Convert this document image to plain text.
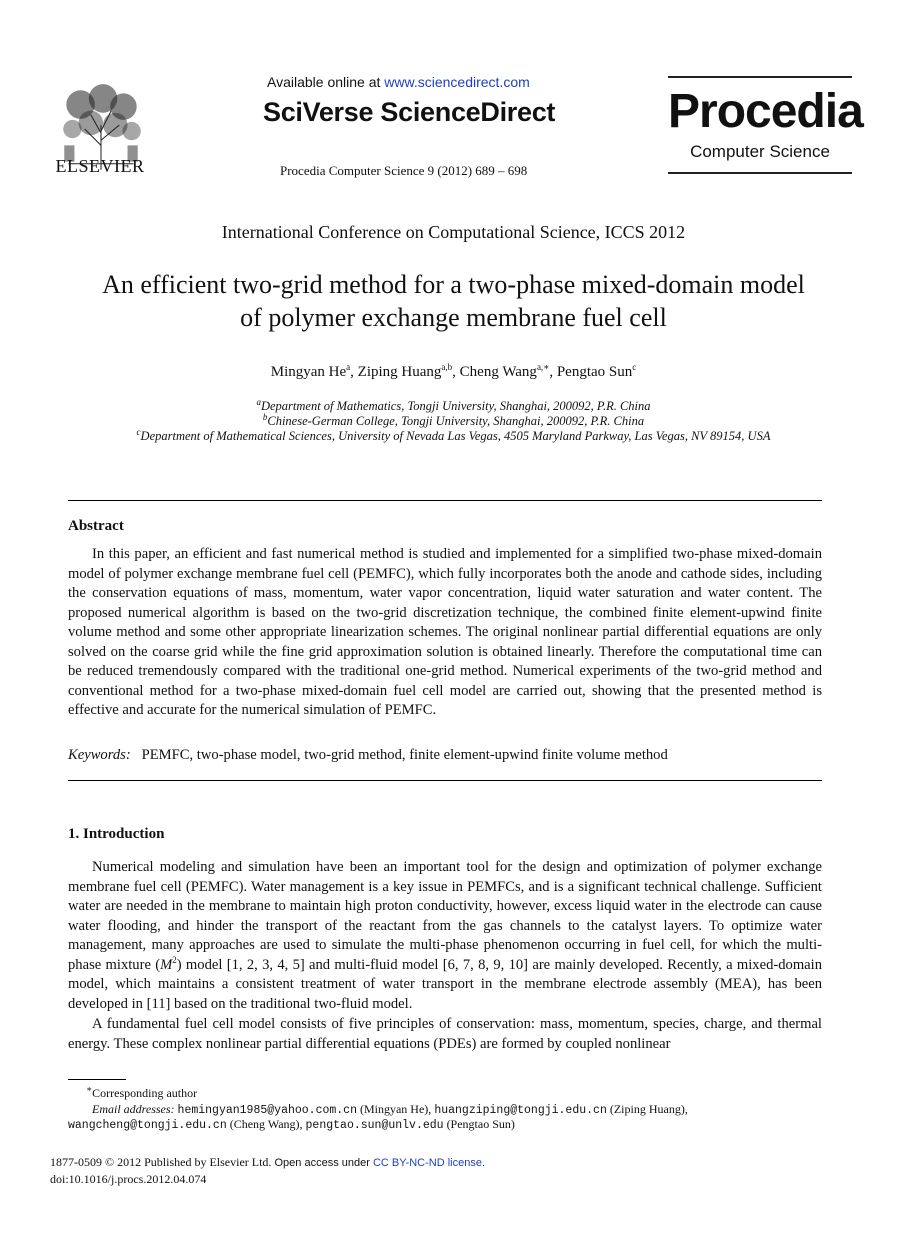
ELSEVIER
Available online at www.sciencedirect.com
SciVerse ScienceDirect
Procedia Computer Science 9 (2012) 689 – 698
Procedia
Computer Science
International Conference on Computational Science, ICCS 2012
An efficient two-grid method for a two-phase mixed-domain model
of polymer exchange membrane fuel cell
Mingyan He$^a$, Ziping Huang$^{a,b}$, Cheng Wang$^{a,∗}$, Pengtao Sun$^c$
$^a$Department of Mathematics, Tongji University, Shanghai, 200092, P.R. China
$^b$Chinese-German College, Tongji University, Shanghai, 200092, P.R. China
$^c$Department of Mathematical Sciences, University of Nevada Las Vegas, 4505 Maryland Parkway, Las Vegas, NV 89154, USA
Abstract
In this paper, an efficient and fast numerical method is studied and implemented for a simplified two-phase mixed-domain model of polymer exchange membrane fuel cell (PEMFC), which fully incorporates both the anode and cathode sides, including the conservation equations of mass, momentum, water vapor concentration, liquid water saturation and water content. The proposed numerical algorithm is based on the two-grid discretization technique, the combined finite element-upwind finite volume method and some other appropriate linearization schemes. The original nonlinear partial differential equations are only solved on the coarse grid while the fine grid approximation solution is obtained linearly. Therefore the computational time can be reduced tremendously compared with the traditional one-grid method. Numerical experiments of the two-grid method and conventional method for a two-phase mixed-domain fuel cell model are carried out, showing that the presented method is effective and accurate for the numerical simulation of PEMFC.
Keywords: PEMFC, two-phase model, two-grid method, finite element-upwind finite volume method
1. Introduction
Numerical modeling and simulation have been an important tool for the design and optimization of polymer exchange membrane fuel cell (PEMFC). Water management is a key issue in PEMFCs, and is a significant technical challenge. Sufficient water are needed in the membrane to maintain high proton conductivity, however, excess liquid water in the electrode can cause water flooding, and hinder the transport of the reactant from the gas channels to the catalyst layers. To optimize water management, many approaches are used to simulate the multi-phase phenomenon occurring in fuel cell, for which the multi-phase mixture $(M^2)$ model [1, 2, 3, 4, 5] and multi-fluid model [6, 7, 8, 9, 10] are mainly developed. Recently, a mixed-domain model, which maintains a consistent treatment of water transport in the membrane electrode assembly (MEA), has been developed in [11] based on the traditional two-fluid model.
A fundamental fuel cell model consists of five principles of conservation: mass, momentum, species, charge, and thermal energy. These complex nonlinear partial differential equations (PDEs) are formed by coupled nonlinear
∗Corresponding author
Email addresses: hemingyan1985@yahoo.com.cn (Mingyan He), huangziping@tongji.edu.cn (Ziping Huang),
wangcheng@tongji.edu.cn (Cheng Wang), pengtao.sun@unlv.edu (Pengtao Sun)
1877-0509 © 2012 Published by Elsevier Ltd. Open access under CC BY-NC-ND license.
doi:10.1016/j.procs.2012.04.074
